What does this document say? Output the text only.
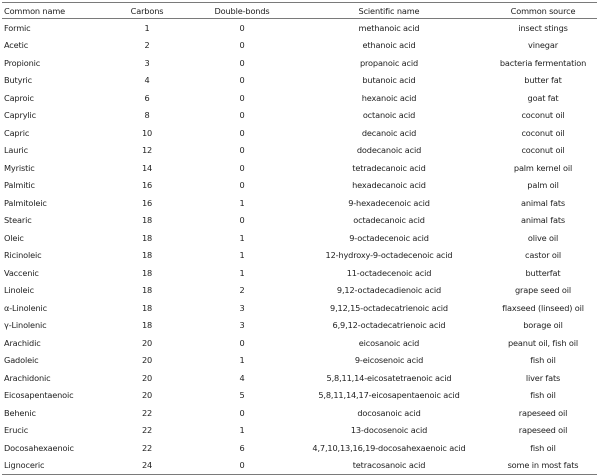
Common name	Carbons	Double-bonds	Scientific name	Common source
Formic	1	0	methanoic acid	insect stings
Acetic	2	0	ethanoic acid	vinegar
Propionic	3	0	propanoic acid	bacteria fermentation
Butyric	4	0	butanoic acid	butter fat
Caproic	6	0	hexanoic acid	goat fat
Caprylic	8	0	octanoic acid	coconut oil
Capric	10	0	decanoic acid	coconut oil
Lauric	12	0	dodecanoic acid	coconut oil
Myristic	14	0	tetradecanoic acid	palm kernel oil
Palmitic	16	0	hexadecanoic acid	palm oil
Palmitoleic	16	1	9-hexadecenoic acid	animal fats
Stearic	18	0	octadecanoic acid	animal fats
Oleic	18	1	9-octadecenoic acid	olive oil
Ricinoleic	18	1	12-hydroxy-9-octadecenoic acid	castor oil
Vaccenic	18	1	11-octadecenoic acid	butterfat
Linoleic	18	2	9,12-octadecadienoic acid	grape seed oil
α-Linolenic	18	3	9,12,15-octadecatrienoic acid	flaxseed (linseed) oil
γ-Linolenic	18	3	6,9,12-octadecatrienoic acid	borage oil
Arachidic	20	0	eicosanoic acid	peanut oil, fish oil
Gadoleic	20	1	9-eicosenoic acid	fish oil
Arachidonic	20	4	5,8,11,14-eicosatetraenoic acid	liver fats
Eicosapentaenoic	20	5	5,8,11,14,17-eicosapentaenoic acid	fish oil
Behenic	22	0	docosanoic acid	rapeseed oil
Erucic	22	1	13-docosenoic acid	rapeseed oil
Docosahexaenoic	22	6	4,7,10,13,16,19-docosahexaenoic acid	fish oil
Lignoceric	24	0	tetracosanoic acid	some in most fats
